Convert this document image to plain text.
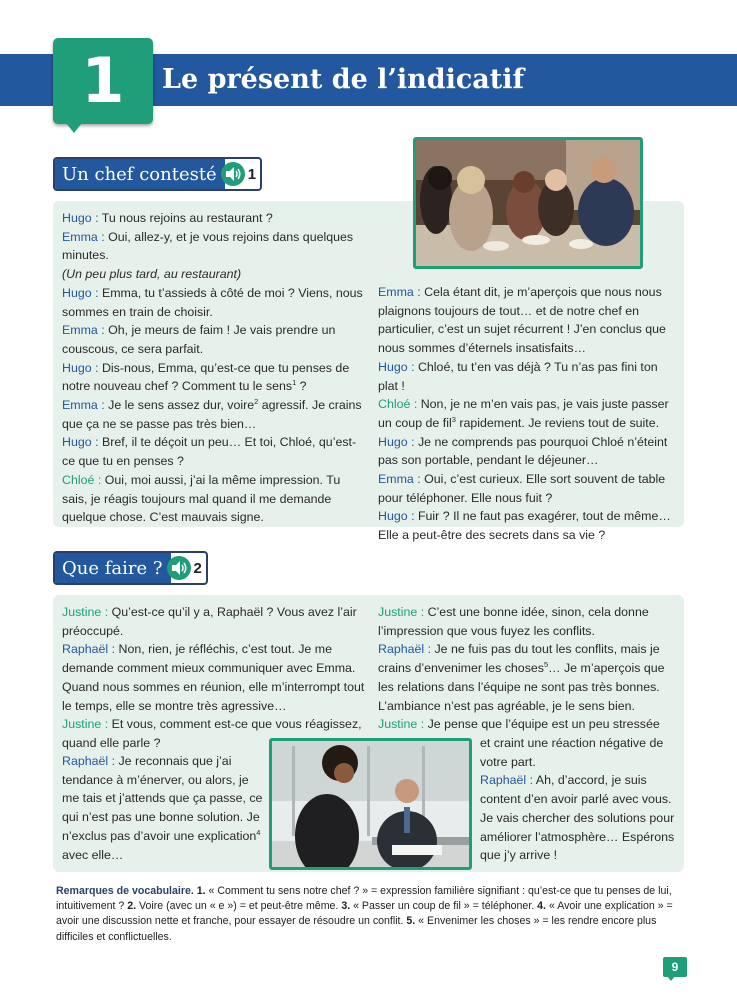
1	Le présent de l’indicatif
Un chef contesté	1

Hugo : Tu nous rejoins au restaurant ?

Emma : Oui, allez-y, et je vous rejoins dans quelques minutes.

(Un peu plus tard, au restaurant)

Hugo : Emma, tu t’assieds à côté de moi ? Viens, nous sommes en train de choisir.

Emma : Oh, je meurs de faim ! Je vais prendre un couscous, ce sera parfait.

Hugo : Dis-nous, Emma, qu’est-ce que tu penses de notre nouveau chef ? Comment tu le sens$^1$ ?

Emma : Je le sens assez dur, voire$^2$ agressif. Je crains que ça ne se passe pas très bien…

Hugo : Bref, il te déçoit un peu… Et toi, Chloé, qu’est-ce que tu en penses ?

Chloé : Oui, moi aussi, j’ai la même impression. Tu sais, je réagis toujours mal quand il me demande quelque chose. C’est mauvais signe.

Emma : Cela étant dit, je m’aperçois que nous nous plaignons toujours de tout… et de notre chef en particulier, c’est un sujet récurrent ! J’en conclus que nous sommes d’éternels insatisfaits…

Hugo : Chloé, tu t’en vas déjà ? Tu n’as pas fini ton plat !

Chloé : Non, je ne m’en vais pas, je vais juste passer un coup de fil$^3$ rapidement. Je reviens tout de suite.

Hugo : Je ne comprends pas pourquoi Chloé n’éteint pas son portable, pendant le déjeuner…

Emma : Oui, c’est curieux. Elle sort souvent de table pour téléphoner. Elle nous fuit ?

Hugo : Fuir ? Il ne faut pas exagérer, tout de même… Elle a peut-être des secrets dans sa vie ?

Que faire ?	2

Justine : Qu’est-ce qu’il y a, Raphaël ? Vous avez l’air préoccupé.

Raphaël : Non, rien, je réfléchis, c’est tout. Je me demande comment mieux communiquer avec Emma. Quand nous sommes en réunion, elle m’interrompt tout le temps, elle se montre très agressive…

Justine : Et vous, comment est-ce que vous réagissez, quand elle parle ?

Raphaël : Je reconnais que j’ai tendance à m’énerver, ou alors, je me tais et j’attends que ça passe, ce qui n’est pas une bonne solution. Je n’exclus pas d’avoir une explication$^4$ avec elle…

Justine : C’est une bonne idée, sinon, cela donne l’impression que vous fuyez les conflits.

Raphaël : Je ne fuis pas du tout les conflits, mais je crains d’envenimer les choses$^5$… Je m’aperçois que les relations dans l’équipe ne sont pas très bonnes. L’ambiance n’est pas agréable, je le sens bien.

Justine : Je pense que l’équipe est un peu stressée

et craint une réaction négative de votre part.

Raphaël : Ah, d’accord, je suis content d’en avoir parlé avec vous. Je vais chercher des solutions pour améliorer l’atmosphère… Espérons que j’y arrive !

Remarques de vocabulaire. 1. « Comment tu sens notre chef ? » = expression familière signifiant : qu’est-ce que tu penses de lui, intuitivement ? 2. Voire (avec un « e ») = et peut-être même. 3. « Passer un coup de fil » = téléphoner. 4. « Avoir une explication » = avoir une discussion nette et franche, pour essayer de résoudre un conflit. 5. « Envenimer les choses » = les rendre encore plus difficiles et conflictuelles.
9
